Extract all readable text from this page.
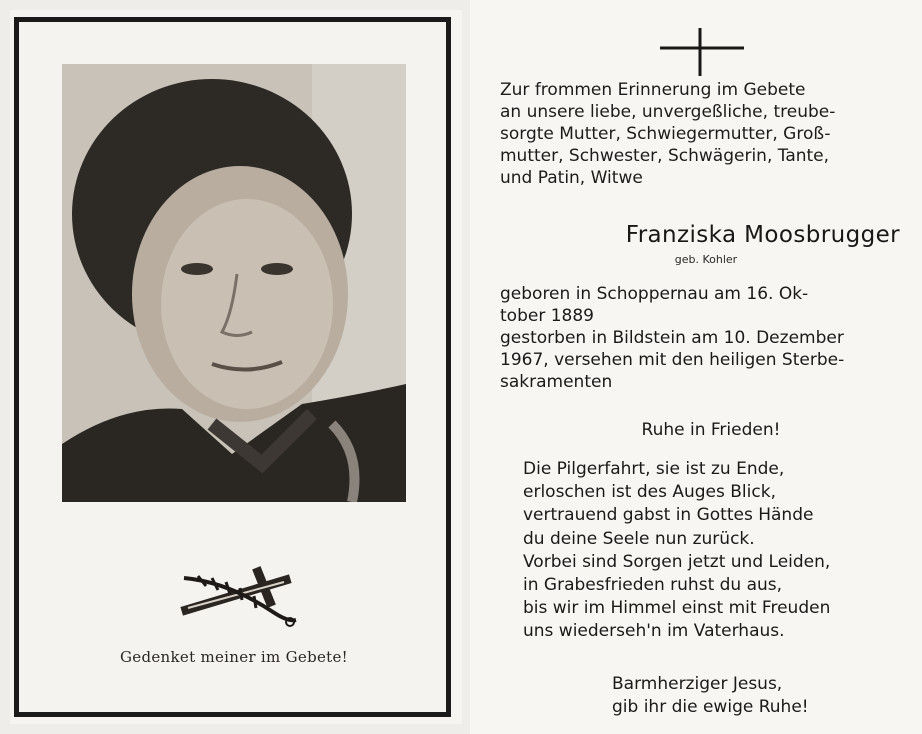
Gedenket meiner im Gebete!
Zur frommen Erinnerung im Gebete
an unsere liebe, unvergeßliche, treube-
sorgte Mutter, Schwiegermutter, Groß-
mutter, Schwester, Schwägerin, Tante,
und Patin, Witwe
Franziska Moosbrugger
geb. Kohler
geboren in Schoppernau am 16. Ok-
tober 1889
gestorben in Bildstein am 10. Dezember
1967, versehen mit den heiligen Sterbe-
sakramenten
Ruhe in Frieden!
Die Pilgerfahrt, sie ist zu Ende,
erloschen ist des Auges Blick,
vertrauend gabst in Gottes Hände
du deine Seele nun zurück.
Vorbei sind Sorgen jetzt und Leiden,
in Grabesfrieden ruhst du aus,
bis wir im Himmel einst mit Freuden
uns wiederseh'n im Vaterhaus.
Barmherziger Jesus,
gib ihr die ewige Ruhe!
